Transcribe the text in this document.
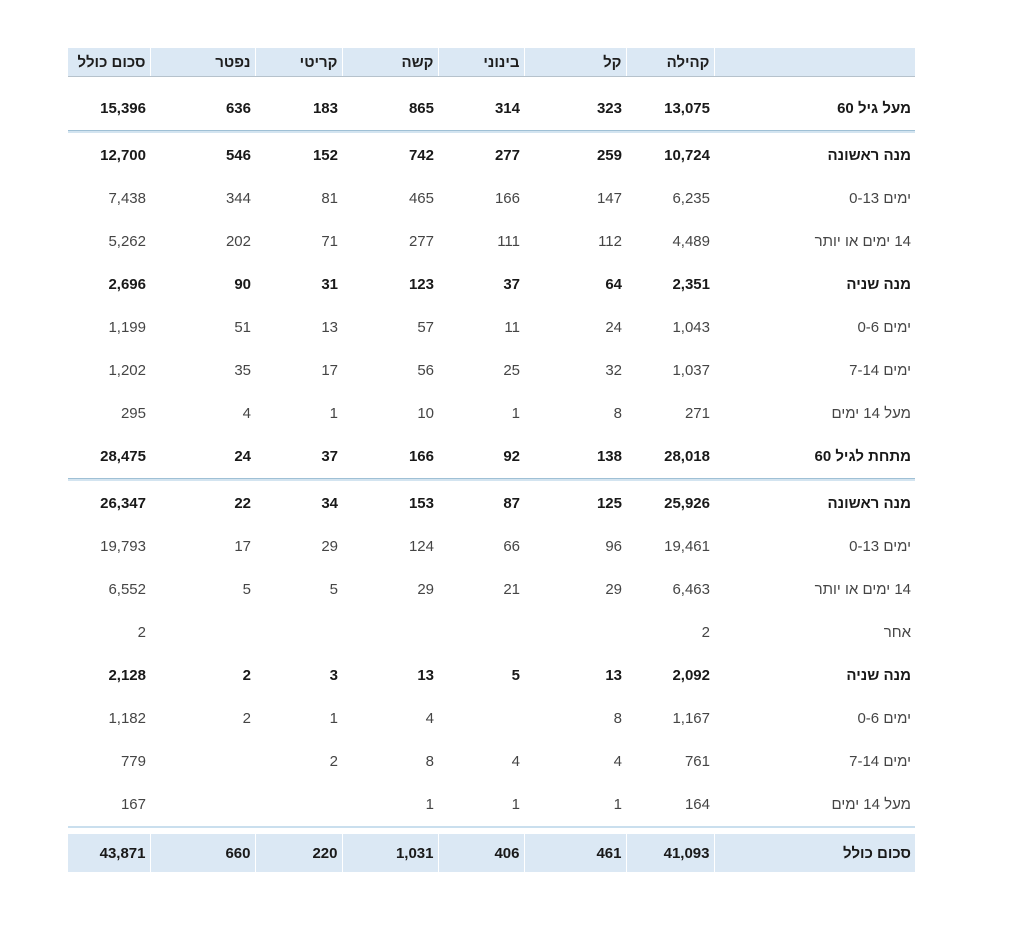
	קהילה	קל	בינוני	קשה	קריטי	נפטר	סכום כולל

מעל גיל 60	13,075	323	314	865	183	636	15,396

מנה ראשונה	10,724	259	277	742	152	546	12,700
ימים 0-13	6,235	147	166	465	81	344	7,438
14 ימים או יותר	4,489	112	111	277	71	202	5,262
מנה שניה	2,351	64	37	123	31	90	2,696
ימים 0-6	1,043	24	11	57	13	51	1,199
ימים 7-14	1,037	32	25	56	17	35	1,202
מעל 14 ימים	271	8	1	10	1	4	295
מתחת לגיל 60	28,018	138	92	166	37	24	28,475

מנה ראשונה	25,926	125	87	153	34	22	26,347
ימים 0-13	19,461	96	66	124	29	17	19,793
14 ימים או יותר	6,463	29	21	29	5	5	6,552
אחר	2						2
מנה שניה	2,092	13	5	13	3	2	2,128
ימים 0-6	1,167	8		4	1	2	1,182
ימים 7-14	761	4	4	8	2		779
מעל 14 ימים	164	1	1	1			167

סכום כולל	41,093	461	406	1,031	220	660	43,871
